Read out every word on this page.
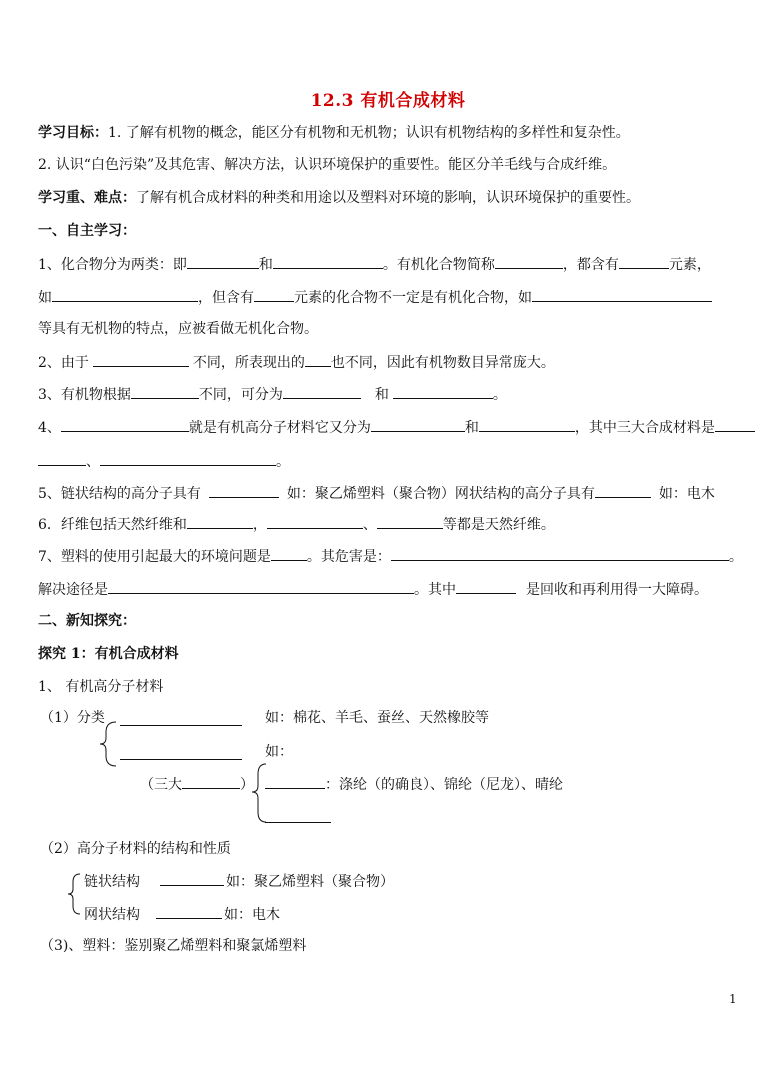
12.3 有机合成材料
学习目标：1. 了解有机物的概念，能区分有机物和无机物；认识有机物结构的多样性和复杂性。
2. 认识“白色污染”及其危害、解决方法，认识环境保护的重要性。能区分羊毛线与合成纤维。
学习重、难点：了解有机合成材料的种类和用途以及塑料对环境的影响，认识环境保护的重要性。
一、自主学习：
1、化合物分为两类：即	和	。有机化合物简称	，都含有	元素，
如	，但含有	元素的化合物不一定是有机化合物，如
等具有无机物的特点，应被看做无机化合物。
2、由于	不同，所表现出的 也不同，因此有机物数目异常庞大。
3、有机物根据	不同，可分为	和	。
4、	就是有机高分子材料它又分为	和	，其中三大合成材料是
、	。
5、链状结构的高分子具有	如：聚乙烯塑料（聚合物）网状结构的高分子具有	如：电木
6．纤维包括天然纤维和	，	、	等都是天然纤维。
7、塑料的使用引起最大的环境问题是	。其危害是：	。
解决途径是	。其中	是回收和再利用得一大障碍。
二、新知探究：
探究 1：有机合成材料
1、 有机高分子材料
（1）分类	如：棉花、羊毛、蚕丝、天然橡胶等
如：
（三大	）	：涤纶（的确良）、锦纶（尼龙）、晴纶
（2）高分子材料的结构和性质
链状结构	如：聚乙烯塑料（聚合物）
网状结构	如：电木
（3)、塑料：鉴别聚乙烯塑料和聚氯烯塑料
1
